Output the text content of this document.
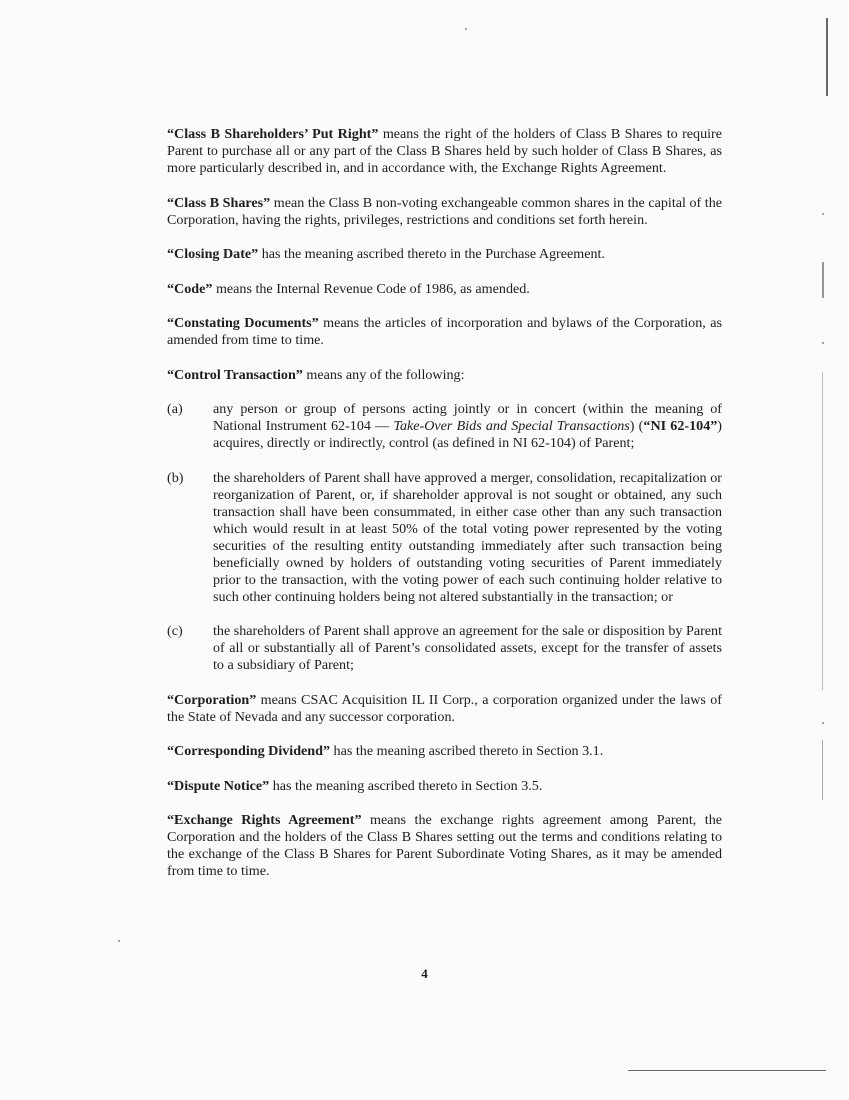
“Class B Shareholders’ Put Right” means the right of the holders of Class B Shares to require Parent to purchase all or any part of the Class B Shares held by such holder of Class B Shares, as more particularly described in, and in accordance with, the Exchange Rights Agreement.

“Class B Shares” mean the Class B non-voting exchangeable common shares in the capital of the Corporation, having the rights, privileges, restrictions and conditions set forth herein.

“Closing Date” has the meaning ascribed thereto in the Purchase Agreement.

“Code” means the Internal Revenue Code of 1986, as amended.

“Constating Documents” means the articles of incorporation and bylaws of the Corporation, as amended from time to time.

“Control Transaction” means any of the following:

(a) any person or group of persons acting jointly or in concert (within the meaning of National Instrument 62-104 — Take-Over Bids and Special Transactions) (“NI 62-104”) acquires, directly or indirectly, control (as defined in NI 62-104) of Parent;
(b) the shareholders of Parent shall have approved a merger, consolidation, recapitalization or reorganization of Parent, or, if shareholder approval is not sought or obtained, any such transaction shall have been consummated, in either case other than any such transaction which would result in at least 50% of the total voting power represented by the voting securities of the resulting entity outstanding immediately after such transaction being beneficially owned by holders of outstanding voting securities of Parent immediately prior to the transaction, with the voting power of each such continuing holder relative to such other continuing holders being not altered substantially in the transaction; or
(c) the shareholders of Parent shall approve an agreement for the sale or disposition by Parent of all or substantially all of Parent’s consolidated assets, except for the transfer of assets to a subsidiary of Parent;

“Corporation” means CSAC Acquisition IL II Corp., a corporation organized under the laws of the State of Nevada and any successor corporation.

“Corresponding Dividend” has the meaning ascribed thereto in Section 3.1.

“Dispute Notice” has the meaning ascribed thereto in Section 3.5.

“Exchange Rights Agreement” means the exchange rights agreement among Parent, the Corporation and the holders of the Class B Shares setting out the terms and conditions relating to the exchange of the Class B Shares for Parent Subordinate Voting Shares, as it may be amended from time to time.

4
